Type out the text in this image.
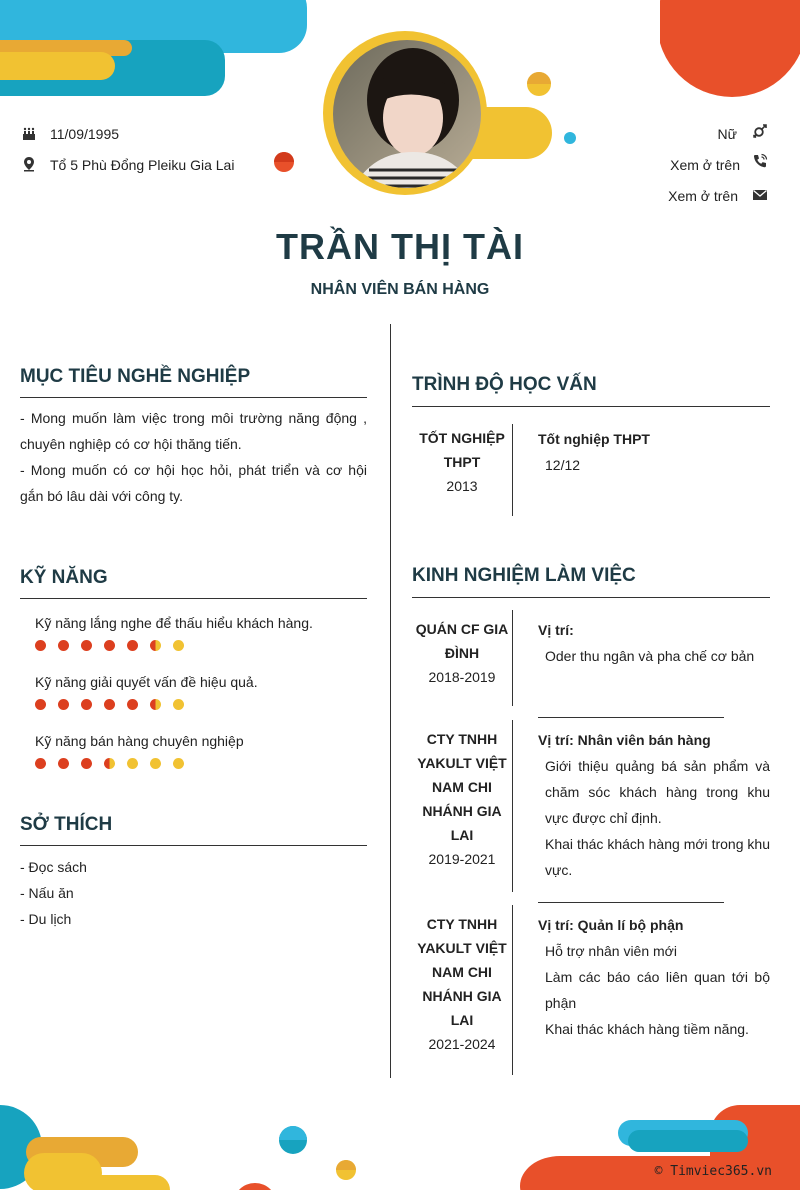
11/09/1995
Tổ 5 Phù Đổng Pleiku Gia Lai
Nữ
Xem ở trên
Xem ở trên
TRẦN THỊ TÀI
NHÂN VIÊN BÁN HÀNG
MỤC TIÊU NGHỀ NGHIỆP
- Mong muốn làm việc trong môi trường năng động , chuyên nghiệp có cơ hội thăng tiến.
- Mong muốn có cơ hội học hỏi, phát triển và cơ hội gắn bó lâu dài với công ty.
KỸ NĂNG
Kỹ năng lắng nghe để thấu hiểu khách hàng.
Kỹ năng giải quyết vấn đề hiệu quả.
Kỹ năng bán hàng chuyên nghiệp
SỞ THÍCH
- Đọc sách
- Nấu ăn
- Du lịch
TRÌNH ĐỘ HỌC VẤN
TỐT NGHIỆP
THPT
2013
Tốt nghiệp THPT
12/12
KINH NGHIỆM LÀM VIỆC
QUÁN CF GIA
ĐÌNH
2018-2019
Vị trí:
Oder thu ngân và pha chế cơ bản
CTY TNHH
YAKULT VIỆT
NAM CHI
NHÁNH GIA
LAI
2019-2021
Vị trí: Nhân viên bán hàng
Giới thiệu quảng bá sản phẩm và chăm sóc khách hàng trong khu vực được chỉ định.
Khai thác khách hàng mới trong khu vực.
CTY TNHH
YAKULT VIỆT
NAM CHI
NHÁNH GIA
LAI
2021-2024
Vị trí: Quản lí bộ phận
Hỗ trợ nhân viên mới
Làm các báo cáo liên quan tới bộ phận
Khai thác khách hàng tiềm năng.
© Timviec365.vn
